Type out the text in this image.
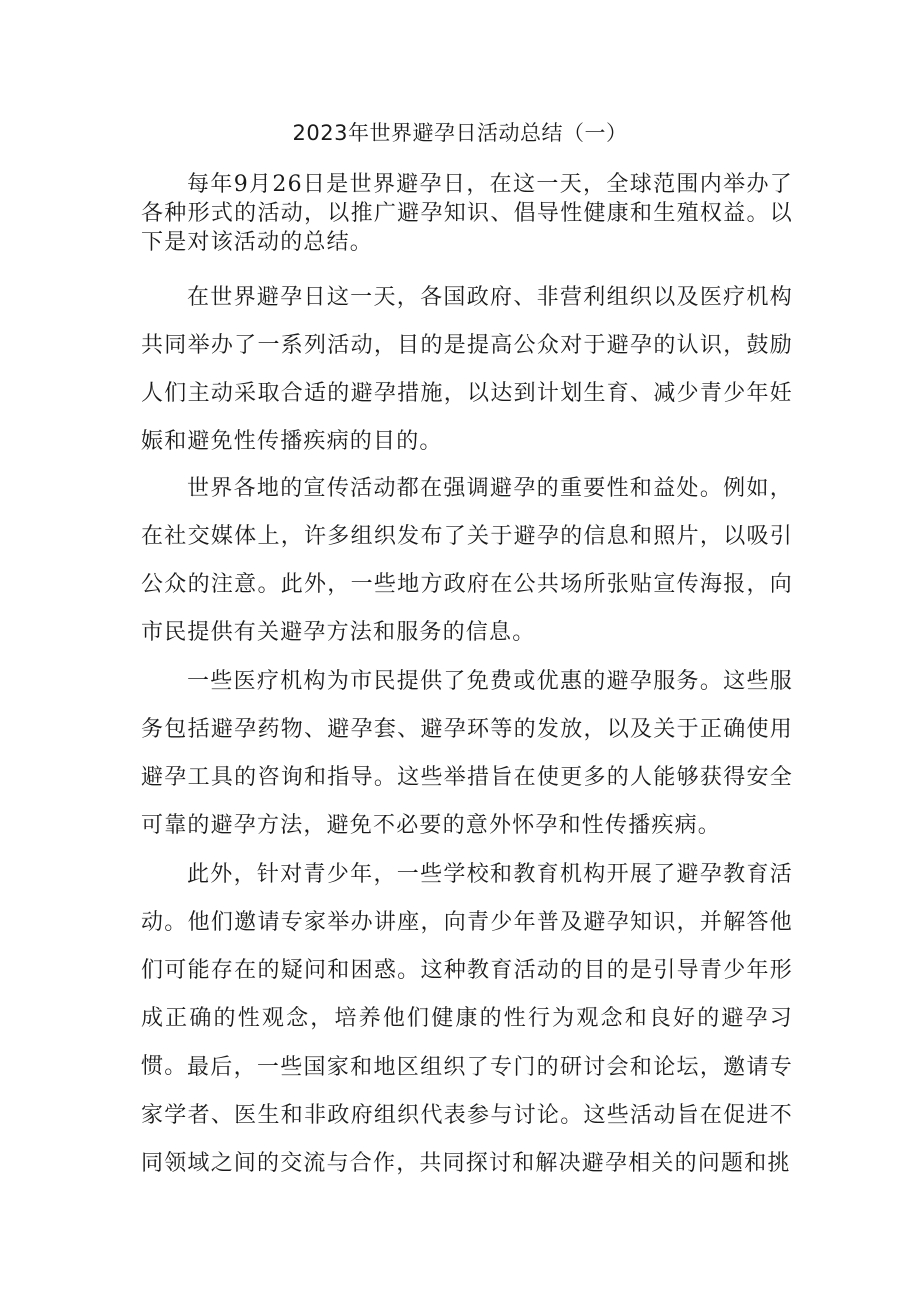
2023年世界避孕日活动总结（一）

每年9月26日是世界避孕日，在这一天，全球范围内举办了各种形式的活动，以推广避孕知识、倡导性健康和生殖权益。以下是对该活动的总结。

在世界避孕日这一天，各国政府、非营利组织以及医疗机构共同举办了一系列活动，目的是提高公众对于避孕的认识，鼓励人们主动采取合适的避孕措施，以达到计划生育、减少青少年妊娠和避免性传播疾病的目的。

世界各地的宣传活动都在强调避孕的重要性和益处。例如，在社交媒体上，许多组织发布了关于避孕的信息和照片，以吸引公众的注意。此外，一些地方政府在公共场所张贴宣传海报，向市民提供有关避孕方法和服务的信息。

一些医疗机构为市民提供了免费或优惠的避孕服务。这些服务包括避孕药物、避孕套、避孕环等的发放，以及关于正确使用避孕工具的咨询和指导。这些举措旨在使更多的人能够获得安全可靠的避孕方法，避免不必要的意外怀孕和性传播疾病。

此外，针对青少年，一些学校和教育机构开展了避孕教育活动。他们邀请专家举办讲座，向青少年普及避孕知识，并解答他们可能存在的疑问和困惑。这种教育活动的目的是引导青少年形成正确的性观念，培养他们健康的性行为观念和良好的避孕习惯。 最后，一些国家和地区组织了专门的研讨会和论坛，邀请专家学者、医生和非政府组织代表参与讨论。这些活动旨在促进不同领域之间的交流与合作，共同探讨和解决避孕相关的问题和挑
